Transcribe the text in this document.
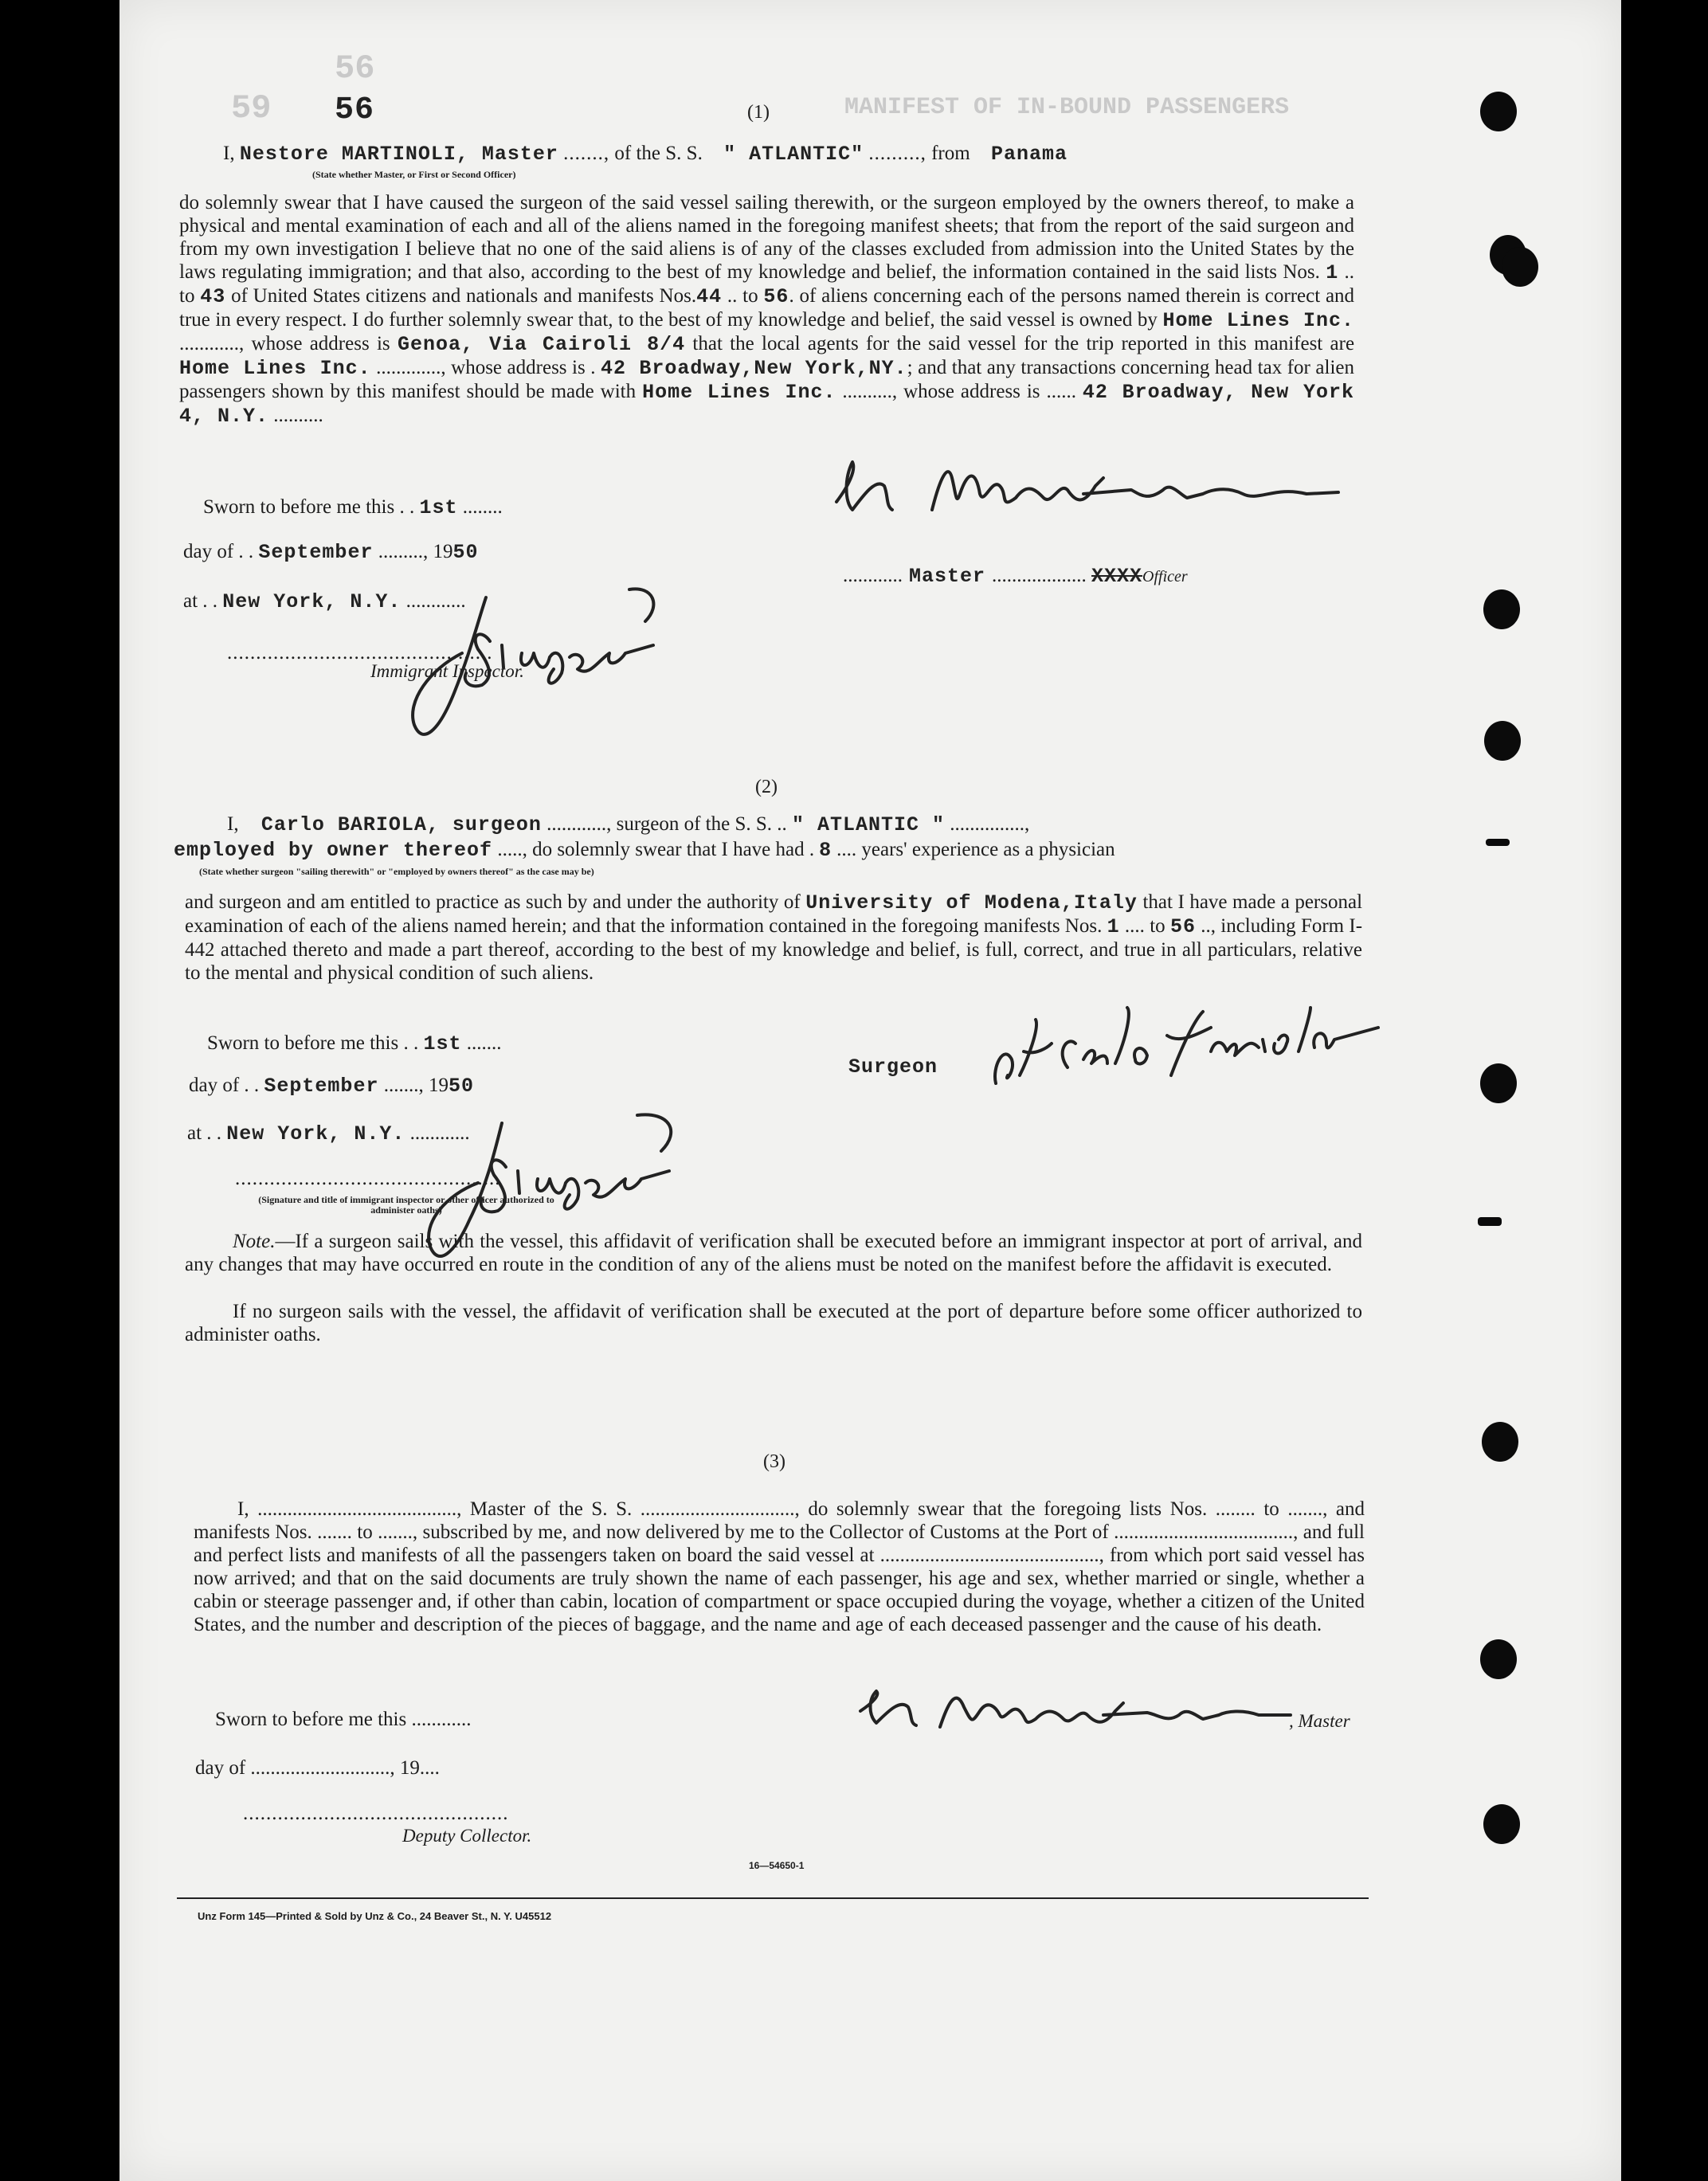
56
MANIFEST OF IN-BOUND PASSENGERS
59 56	(1)
I, Nestore MARTINOLI, Master ......., of the S. S. " ATLANTIC" ........., from Panama
(State whether Master, or First or Second Officer)
do solemnly swear that I have caused the surgeon of the said vessel sailing therewith, or the surgeon employed by the owners thereof, to make a physical and mental examination of each and all of the aliens named in the foregoing manifest sheets; that from the report of the said surgeon and from my own investigation I believe that no one of the said aliens is of any of the classes excluded from admission into the United States by the laws regulating immigration; and that also, according to the best of my knowledge and belief, the information contained in the said lists Nos. 1 .. to 43 of United States citizens and nationals and manifests Nos.44 .. to 56. of aliens concerning each of the persons named therein is correct and true in every respect. I do further solemnly swear that, to the best of my knowledge and belief, the said vessel is owned by Home Lines Inc. ............, whose address is Genoa, Via Cairoli 8/4 that the local agents for the said vessel for the trip reported in this manifest are Home Lines Inc. ............., whose address is . 42 Broadway,New York,NY.; and that any transactions concerning head tax for alien passengers shown by this manifest should be made with Home Lines Inc. .........., whose address is ...... 42 Broadway, New York 4, N.Y. ..........
Sworn to before me this . . 1st ........
day of . . September ........., 1950
at . . New York, N.Y. ............
............ Master ................... XXXXOfficer
..............................................
Immigrant Inspector.
(2)
I, Carlo BARIOLA, surgeon ............, surgeon of the S. S. .. " ATLANTIC " ...............,
employed by owner thereof ....., do solemnly swear that I have had . 8 .... years' experience as a physician
(State whether surgeon "sailing therewith" or "employed by owners thereof" as the case may be)
and surgeon and am entitled to practice as such by and under the authority of University of Modena,Italy that I have made a personal examination of each of the aliens named herein; and that the information contained in the foregoing manifests Nos. 1 .... to 56 .., including Form I-442 attached thereto and made a part thereof, according to the best of my knowledge and belief, is full, correct, and true in all particulars, relative to the mental and physical condition of such aliens.
Sworn to before me this . . 1st .......
day of . . September ......., 1950
at . . New York, N.Y. ............
Surgeon
..............................................
(Signature and title of immigrant inspector or other officer authorized to administer oaths)
Note.—If a surgeon sails with the vessel, this affidavit of verification shall be executed before an immigrant inspector at port of arrival, and any changes that may have occurred en route in the condition of any of the aliens must be noted on the manifest before the affidavit is executed.
If no surgeon sails with the vessel, the affidavit of verification shall be executed at the port of departure before some officer authorized to administer oaths.
(3)
I, ........................................, Master of the S. S. ..............................., do solemnly swear that the foregoing lists Nos. ........ to ......., and manifests Nos. ....... to ......., subscribed by me, and now delivered by me to the Collector of Customs at the Port of ...................................., and full and perfect lists and manifests of all the passengers taken on board the said vessel at ............................................, from which port said vessel has now arrived; and that on the said documents are truly shown the name of each passenger, his age and sex, whether married or single, whether a cabin or steerage passenger and, if other than cabin, location of compartment or space occupied during the voyage, whether a citizen of the United States, and the number and description of the pieces of baggage, and the name and age of each deceased passenger and the cause of his death.
Sworn to before me this ............
day of ............................, 19....
..............................................
Deputy Collector.
, Master
16—54650-1
Unz Form 145—Printed & Sold by Unz & Co., 24 Beaver St., N. Y. U45512
